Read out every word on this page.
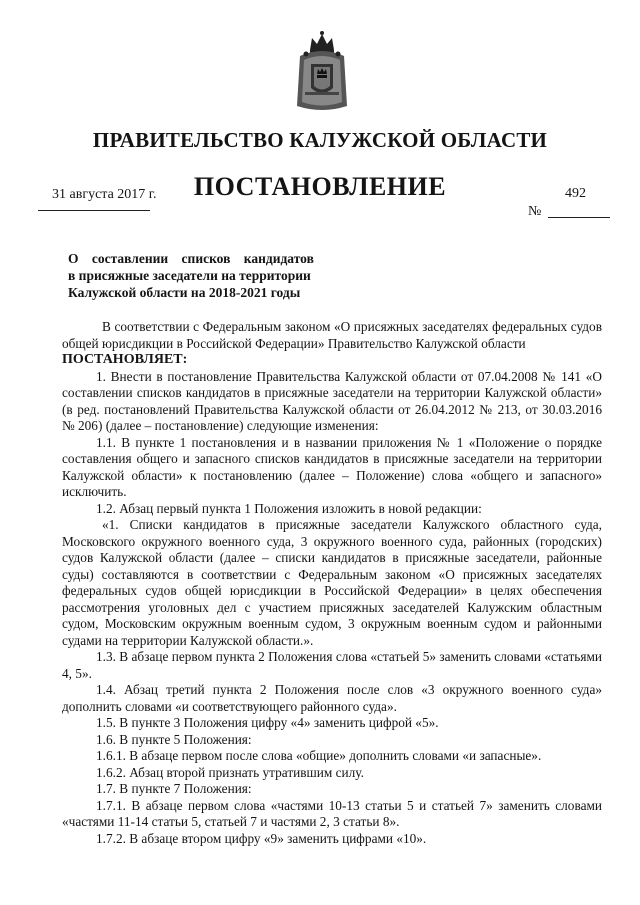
ПРАВИТЕЛЬСТВО КАЛУЖСКОЙ ОБЛАСТИ
ПОСТАНОВЛЕНИЕ
31 августа 2017 г.	492
№
О составлении списков кандидатов
в присяжные заседатели на территории
Калужской области на 2018-2021 годы

В соответствии с Федеральным законом «О присяжных заседателях федеральных судов общей юрисдикции в Российской Федерации» Правительство Калужской области

ПОСТАНОВЛЯЕТ:

1. Внести в постановление Правительства Калужской области от 07.04.2008 № 141 «О составлении списков кандидатов в присяжные заседатели на территории Калужской области» (в ред. постановлений Правительства Калужской области от 26.04.2012 № 213, от 30.03.2016 № 206) (далее – постановление) следующие изменения:

1.1. В пункте 1 постановления и в названии приложения № 1 «Положение о порядке составления общего и запасного списков кандидатов в присяжные заседатели на территории Калужской области» к постановлению (далее – Положение) слова «общего и запасного» исключить.

1.2. Абзац первый пункта 1 Положения изложить в новой редакции:

«1. Списки кандидатов в присяжные заседатели Калужского областного суда, Московского окружного военного суда, 3 окружного военного суда, районных (городских) судов Калужской области (далее – списки кандидатов в присяжные заседатели, районные суды) составляются в соответствии с Федеральным законом «О присяжных заседателях федеральных судов общей юрисдикции в Российской Федерации» в целях обеспечения рассмотрения уголовных дел с участием присяжных заседателей Калужским областным судом, Московским окружным военным судом, 3 окружным военным судом и районными судами на территории Калужской области.».

1.3. В абзаце первом пункта 2 Положения слова «статьей 5» заменить словами «статьями 4, 5».

1.4. Абзац третий пункта 2 Положения после слов «3 окружного военного суда» дополнить словами «и соответствующего районного суда».

1.5. В пункте 3 Положения цифру «4» заменить цифрой «5».

1.6. В пункте 5 Положения:

1.6.1. В абзаце первом после слова «общие» дополнить словами «и запасные».

1.6.2. Абзац второй признать утратившим силу.

1.7. В пункте 7 Положения:

1.7.1. В абзаце первом слова «частями 10-13 статьи 5 и статьей 7» заменить словами «частями 11-14 статьи 5, статьей 7 и частями 2, 3 статьи 8».

1.7.2. В абзаце втором цифру «9» заменить цифрами «10».
